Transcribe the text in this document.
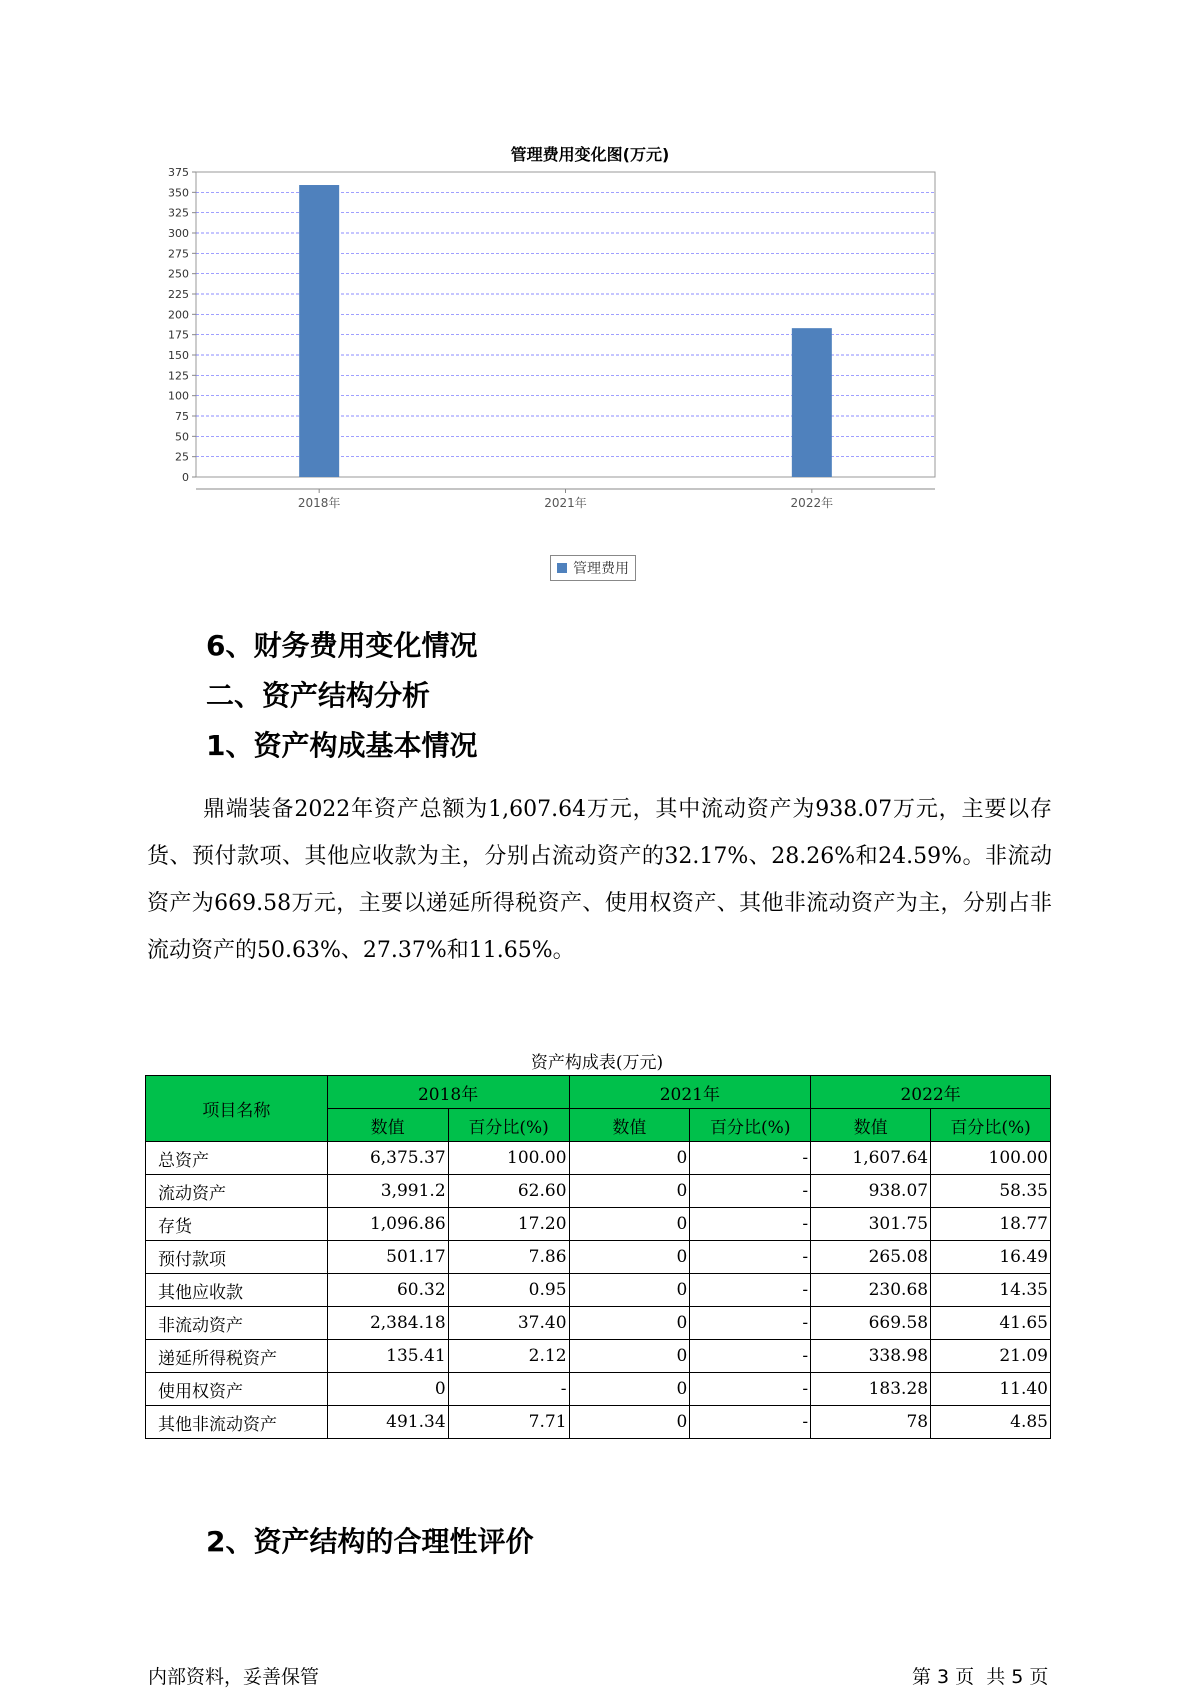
管理费用变化图(万元)
0
25
50
75
100
125
150
175
200
225
250
275
300
325
350
375
2018年	2021年	2022年
管理费用
6、财务费用变化情况
二、资产结构分析
1、资产构成基本情况
鼎端装备2022年资产总额为1,607.64万元，其中流动资产为938.07万元，主要以存货、预付款项、其他应收款为主，分别占流动资产的32.17%、28.26%和24.59%。非流动资产为669.58万元，主要以递延所得税资产、使用权资产、其他非流动资产为主，分别占非流动资产的50.63%、27.37%和11.65%。
资产构成表(万元)
项目名称	2018年		2021年		2022年	
	数值	百分比(%)	数值	百分比(%)	数值	百分比(%)
总资产	6,375.37	100.00	0	-	1,607.64	100.00
流动资产	3,991.2	62.60	0	-	938.07	58.35
存货	1,096.86	17.20	0	-	301.75	18.77
预付款项	501.17	7.86	0	-	265.08	16.49
其他应收款	60.32	0.95	0	-	230.68	14.35
非流动资产	2,384.18	37.40	0	-	669.58	41.65
递延所得税资产	135.41	2.12	0	-	338.98	21.09
使用权资产	0	-	0	-	183.28	11.40
其他非流动资产	491.34	7.71	0	-	78	4.85
2、资产结构的合理性评价
内部资料，妥善保管	第 3 页  共 5 页
